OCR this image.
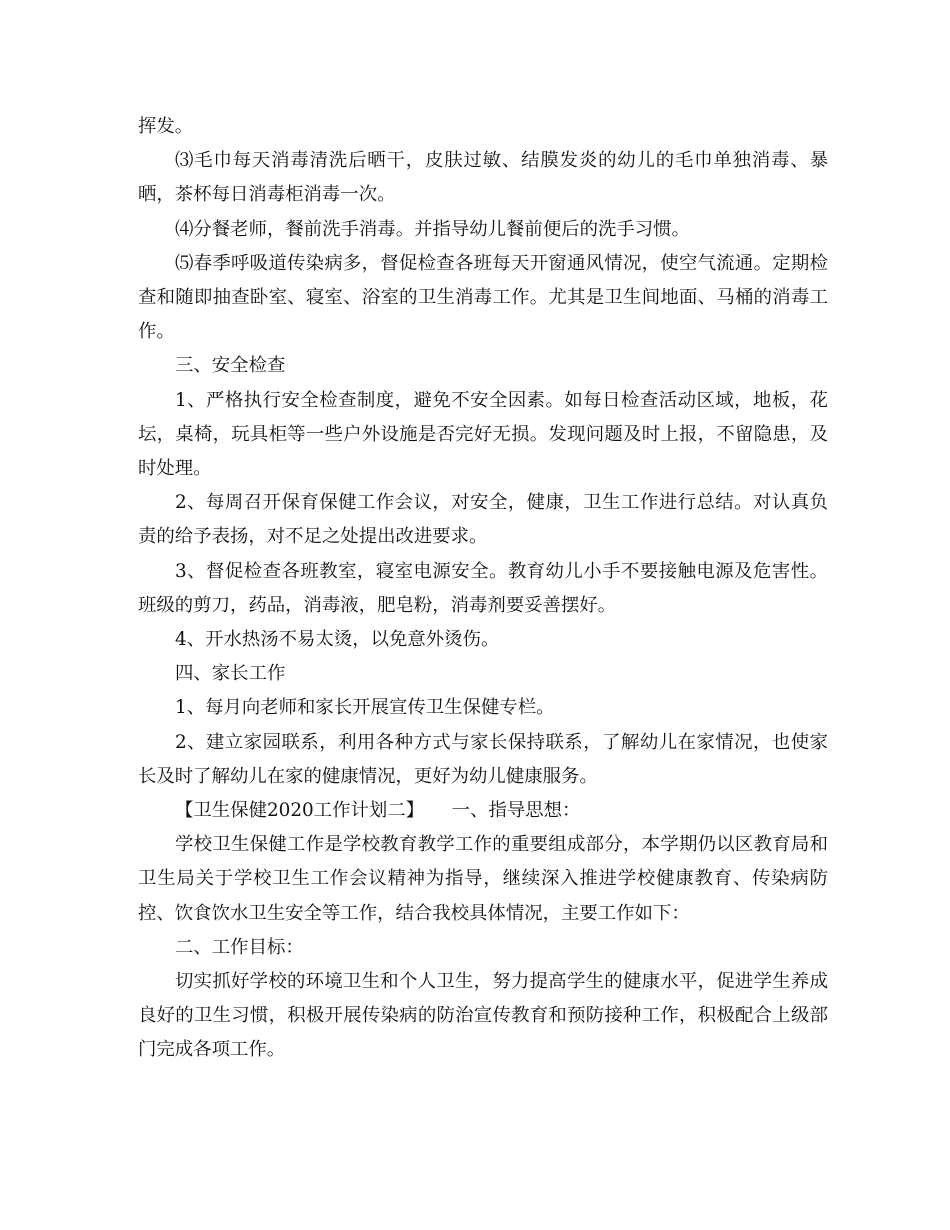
挥发。

⑶毛巾每天消毒清洗后晒干，皮肤过敏、结膜发炎的幼儿的毛巾单独消毒、暴晒，茶杯每日消毒柜消毒一次。

⑷分餐老师，餐前洗手消毒。并指导幼儿餐前便后的洗手习惯。

⑸春季呼吸道传染病多，督促检查各班每天开窗通风情况，使空气流通。定期检查和随即抽查卧室、寝室、浴室的卫生消毒工作。尤其是卫生间地面、马桶的消毒工作。

三、安全检查

1、严格执行安全检查制度，避免不安全因素。如每日检查活动区域，地板，花坛，桌椅，玩具柜等一些户外设施是否完好无损。发现问题及时上报，不留隐患，及时处理。

2、每周召开保育保健工作会议，对安全，健康，卫生工作进行总结。对认真负责的给予表扬，对不足之处提出改进要求。

3、督促检查各班教室，寝室电源安全。教育幼儿小手不要接触电源及危害性。班级的剪刀，药品，消毒液，肥皂粉，消毒剂要妥善摆好。

4、开水热汤不易太烫，以免意外烫伤。

四、家长工作

1、每月向老师和家长开展宣传卫生保健专栏。

2、建立家园联系，利用各种方式与家长保持联系，了解幼儿在家情况，也使家长及时了解幼儿在家的健康情况，更好为幼儿健康服务。

【卫生保健2020工作计划二】　　一、指导思想：

学校卫生保健工作是学校教育教学工作的重要组成部分，本学期仍以区教育局和卫生局关于学校卫生工作会议精神为指导，继续深入推进学校健康教育、传染病防控、饮食饮水卫生安全等工作，结合我校具体情况，主要工作如下：

二、工作目标：

切实抓好学校的环境卫生和个人卫生，努力提高学生的健康水平，促进学生养成良好的卫生习惯，积极开展传染病的防治宣传教育和预防接种工作，积极配合上级部门完成各项工作。
